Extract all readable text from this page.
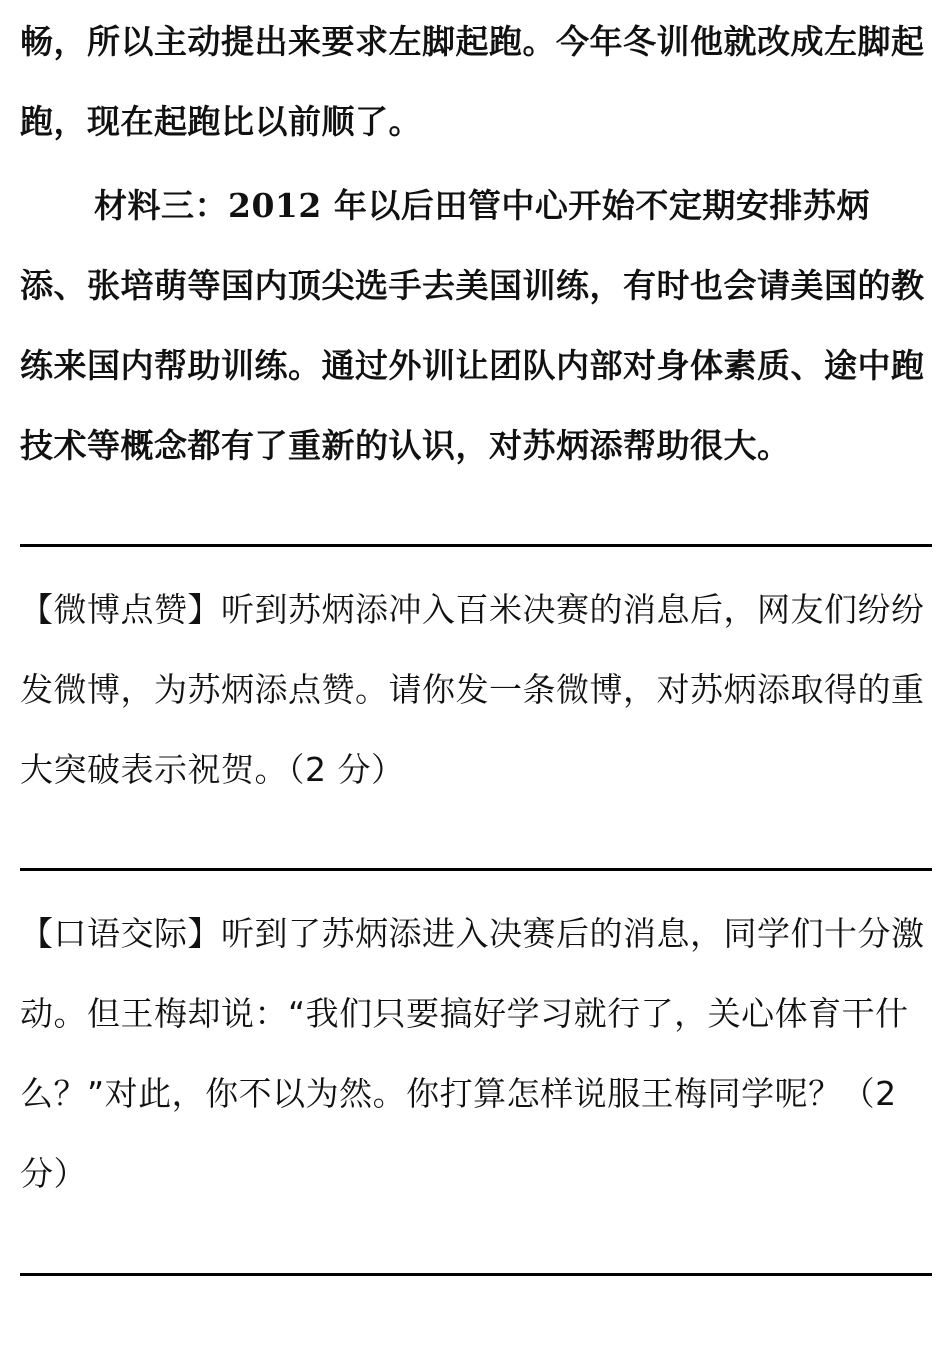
畅，所以主动提出来要求左脚起跑。今年冬训他就改成左脚起跑，现在起跑比以前顺了。

材料三：2012 年以后田管中心开始不定期安排苏炳添、张培萌等国内顶尖选手去美国训练，有时也会请美国的教练来国内帮助训练。通过外训让团队内部对身体素质、途中跑技术等概念都有了重新的认识，对苏炳添帮助很大。

【微博点赞】听到苏炳添冲入百米决赛的消息后，网友们纷纷发微博，为苏炳添点赞。请你发一条微博，对苏炳添取得的重大突破表示祝贺。（2 分）

【口语交际】听到了苏炳添进入决赛后的消息，同学们十分激动。但王梅却说：“我们只要搞好学习就行了，关心体育干什么？”对此，你不以为然。你打算怎样说服王梅同学呢？（2 分）
